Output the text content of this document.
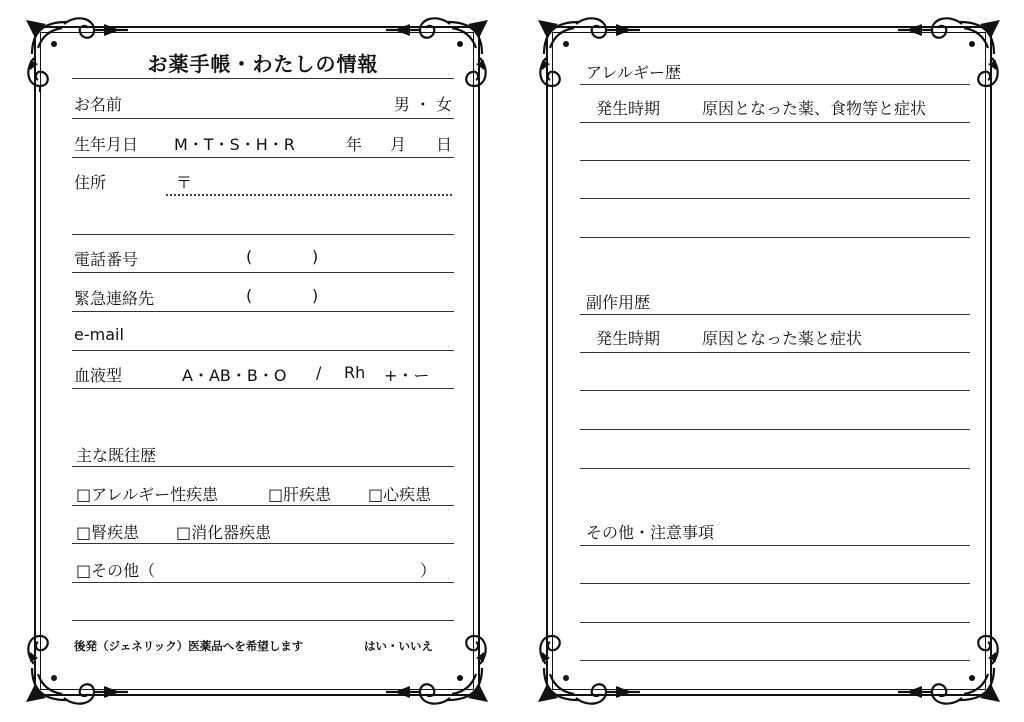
お薬手帳・わたしの情報
お名前	男 ・ 女
生年月日 M・T・S・H・R	年 月 日
住所	〒
電話番号	(	)
緊急連絡先	(	)
e-mail
血液型	A・AB・B・O / Rh +・ー
主な既往歴
□アレルギー性疾患	□肝疾患 □心疾患
□腎疾患 □消化器疾患
□その他（	）
後発（ジェネリック）医薬品へを希望します	はい・いいえ
アレルギー歴
発生時期	原因となった薬、食物等と症状
副作用歴
発生時期	原因となった薬と症状
その他・注意事項
